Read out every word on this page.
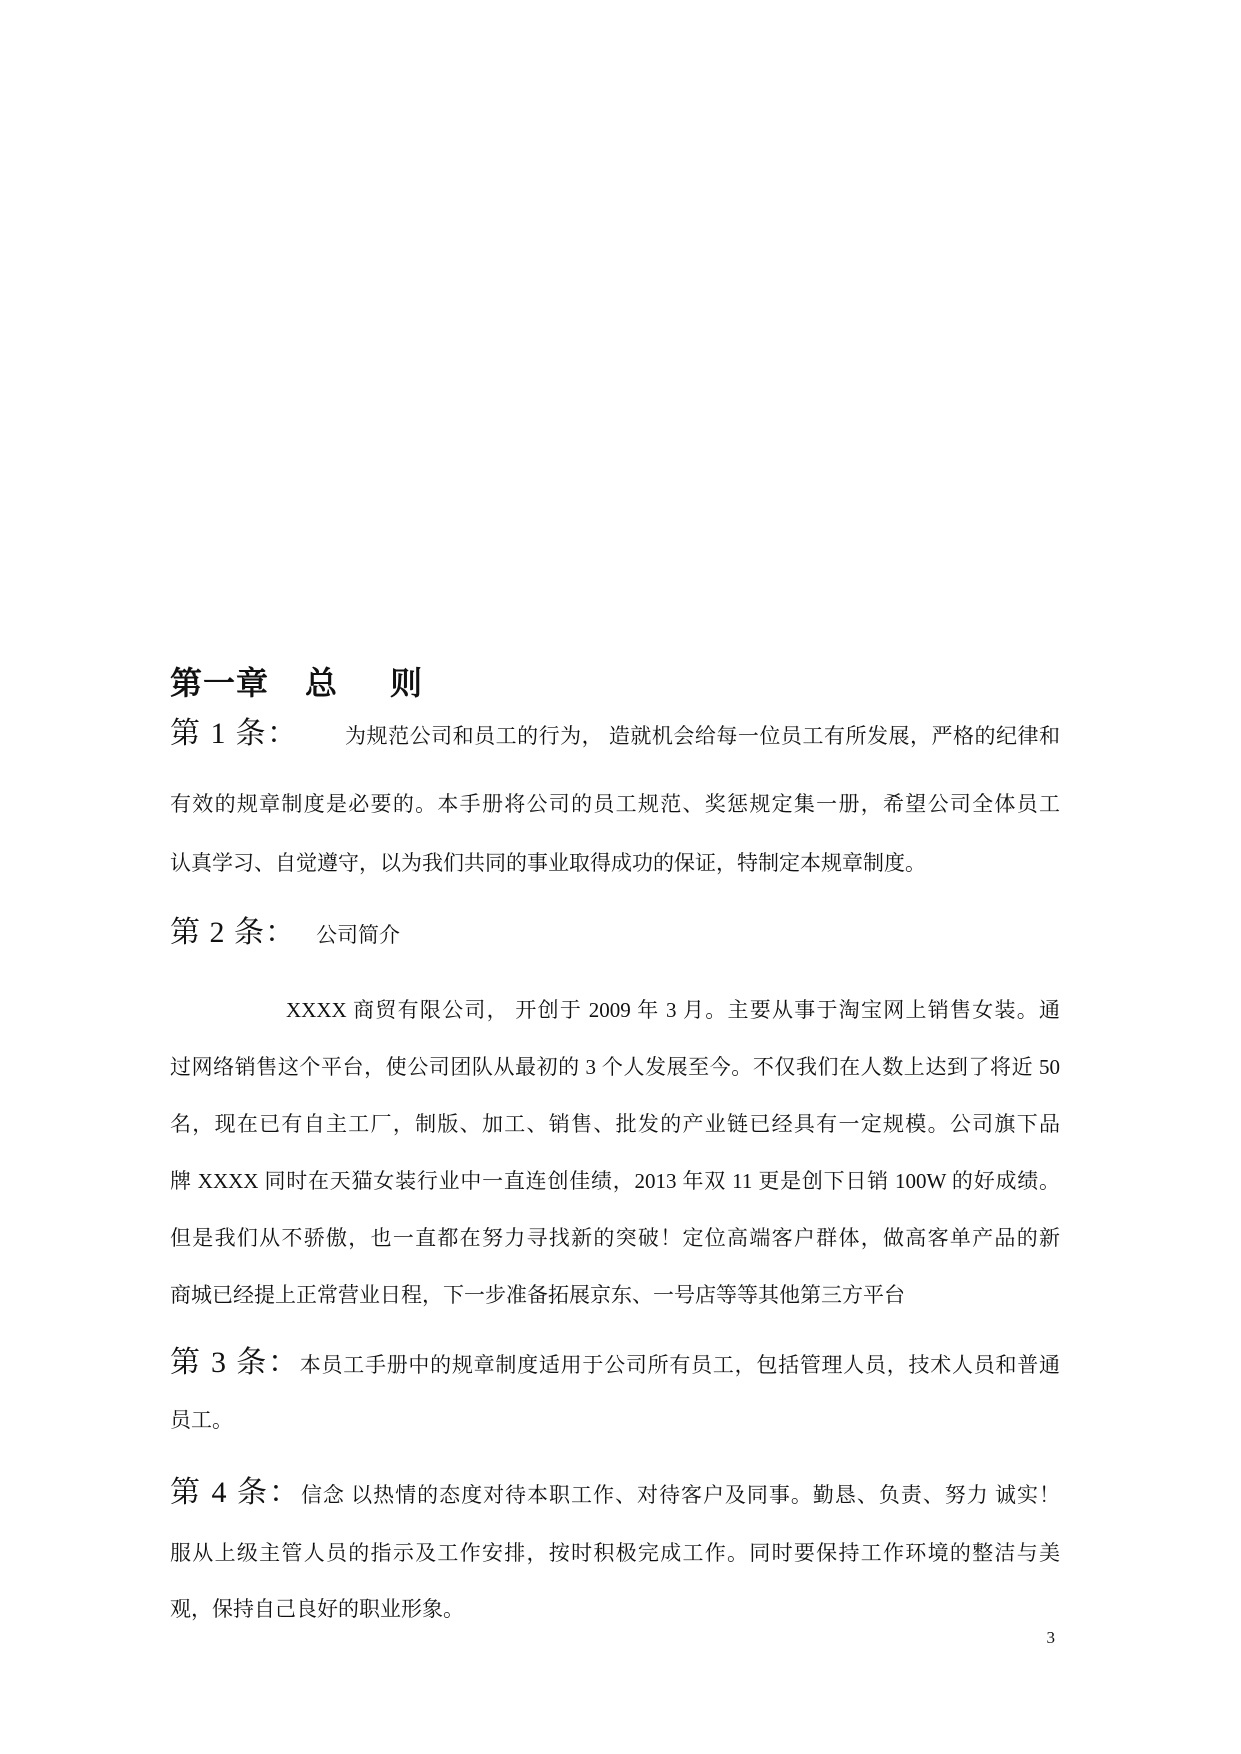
第一章 总 则
第 1 条： 为规范公司和员工的行为， 造就机会给每一位员工有所发展，严格的纪律和
有效的规章制度是必要的。本手册将公司的员工规范、奖惩规定集一册，希望公司全体员工
认真学习、自觉遵守，以为我们共同的事业取得成功的保证，特制定本规章制度。
第 2 条： 公司简介
XXXX 商贸有限公司， 开创于 2009 年 3 月。主要从事于淘宝网上销售女装。通
过网络销售这个平台，使公司团队从最初的 3 个人发展至今。不仅我们在人数上达到了将近 50
名，现在已有自主工厂，制版、加工、销售、批发的产业链已经具有一定规模。公司旗下品
牌 XXXX 同时在天猫女装行业中一直连创佳绩，2013 年双 11 更是创下日销 100W 的好成绩。
但是我们从不骄傲，也一直都在努力寻找新的突破！定位高端客户群体，做高客单产品的新
商城已经提上正常营业日程，下一步准备拓展京东、一号店等等其他第三方平台
第 3 条：本员工手册中的规章制度适用于公司所有员工，包括管理人员，技术人员和普通
员工。
第 4 条：信念 以热情的态度对待本职工作、对待客户及同事。勤恳、负责、努力 诚实！
服从上级主管人员的指示及工作安排，按时积极完成工作。同时要保持工作环境的整洁与美
观，保持自己良好的职业形象。
3
